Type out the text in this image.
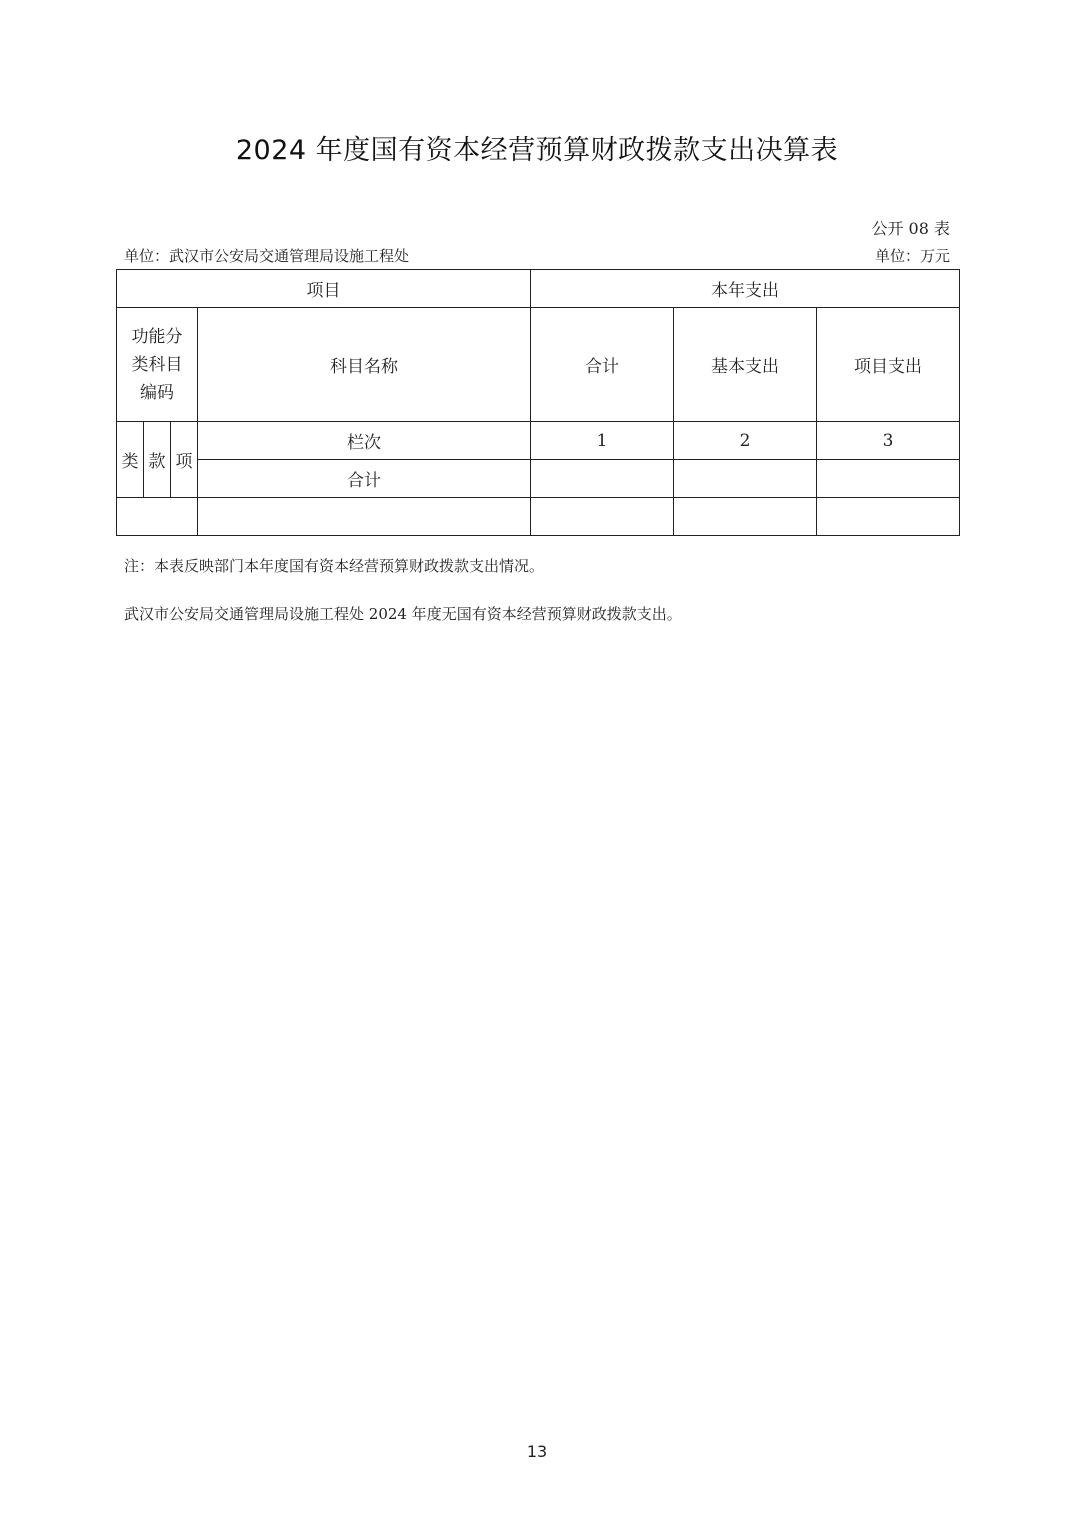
2024 年度国有资本经营预算财政拨款支出决算表
公开 08 表
单位：武汉市公安局交通管理局设施工程处	单位：万元
项目				本年支出		

功能分
类科目
编码			科目名称	合计	基本支出	项目支出
类	款	项	栏次	1	2	3
			合计			

注：本表反映部门本年度国有资本经营预算财政拨款支出情况。
武汉市公安局交通管理局设施工程处 2024 年度无国有资本经营预算财政拨款支出。
13
